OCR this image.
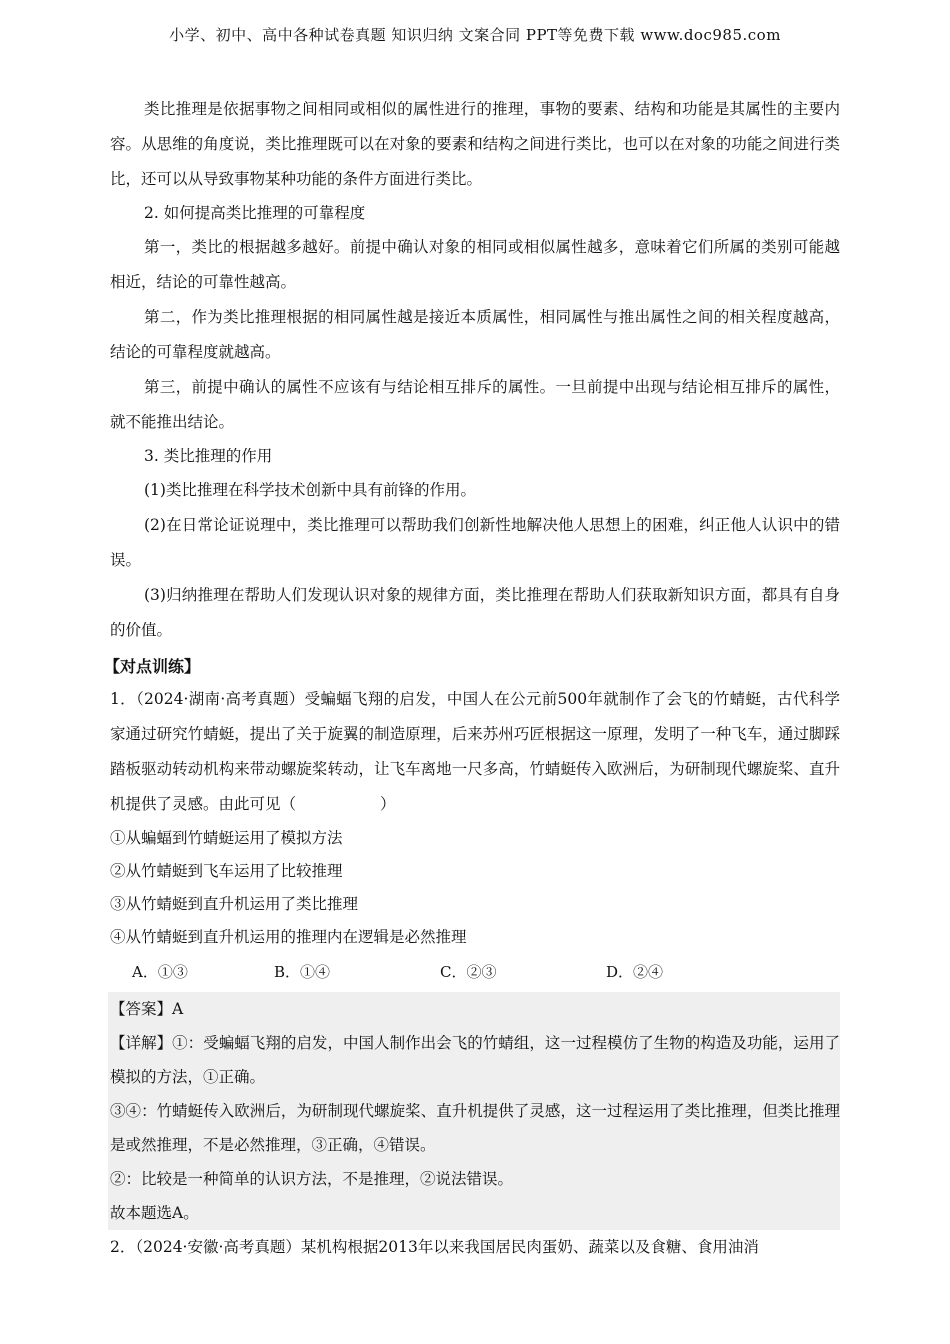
小学、初中、高中各种试卷真题 知识归纳 文案合同 PPT等免费下载 www.doc985.com

类比推理是依据事物之间相同或相似的属性进行的推理，事物的要素、结构和功能是其属性的主要内容。从思维的角度说，类比推理既可以在对象的要素和结构之间进行类比，也可以在对象的功能之间进行类比，还可以从导致事物某种功能的条件方面进行类比。

2. 如何提高类比推理的可靠程度

第一，类比的根据越多越好。前提中确认对象的相同或相似属性越多，意味着它们所属的类别可能越相近，结论的可靠性越高。

第二，作为类比推理根据的相同属性越是接近本质属性，相同属性与推出属性之间的相关程度越高，结论的可靠程度就越高。

第三，前提中确认的属性不应该有与结论相互排斥的属性。一旦前提中出现与结论相互排斥的属性，就不能推出结论。

3. 类比推理的作用

(1)类比推理在科学技术创新中具有前锋的作用。

(2)在日常论证说理中，类比推理可以帮助我们创新性地解决他人思想上的困难，纠正他人认识中的错误。

(3)归纳推理在帮助人们发现认识对象的规律方面，类比推理在帮助人们获取新知识方面，都具有自身的价值。

【对点训练】

1．（2024·湖南·高考真题）受蝙蝠飞翔的启发，中国人在公元前500年就制作了会飞的竹蜻蜓，古代科学家通过研究竹蜻蜓，提出了关于旋翼的制造原理，后来苏州巧匠根据这一原理，发明了一种飞车，通过脚踩踏板驱动转动机构来带动螺旋桨转动，让飞车离地一尺多高，竹蜻蜓传入欧洲后，为研制现代螺旋桨、直升机提供了灵感。由此可见（	）

①从蝙蝠到竹蜻蜓运用了模拟方法
②从竹蜻蜓到飞车运用了比较推理
③从竹蜻蜓到直升机运用了类比推理
④从竹蜻蜓到直升机运用的推理内在逻辑是必然推理
A．①③	B．①④	C．②③	D．②④

【答案】A

【详解】①：受蝙蝠飞翔的启发，中国人制作出会飞的竹蜻组，这一过程模仿了生物的构造及功能，运用了模拟的方法，①正确。

③④：竹蜻蜓传入欧洲后，为研制现代螺旋桨、直升机提供了灵感，这一过程运用了类比推理，但类比推理是或然推理，不是必然推理，③正确，④错误。

②：比较是一种简单的认识方法，不是推理，②说法错误。

故本题选A。

2．（2024·安徽·高考真题）某机构根据2013年以来我国居民肉蛋奶、蔬菜以及食糖、食用油消
